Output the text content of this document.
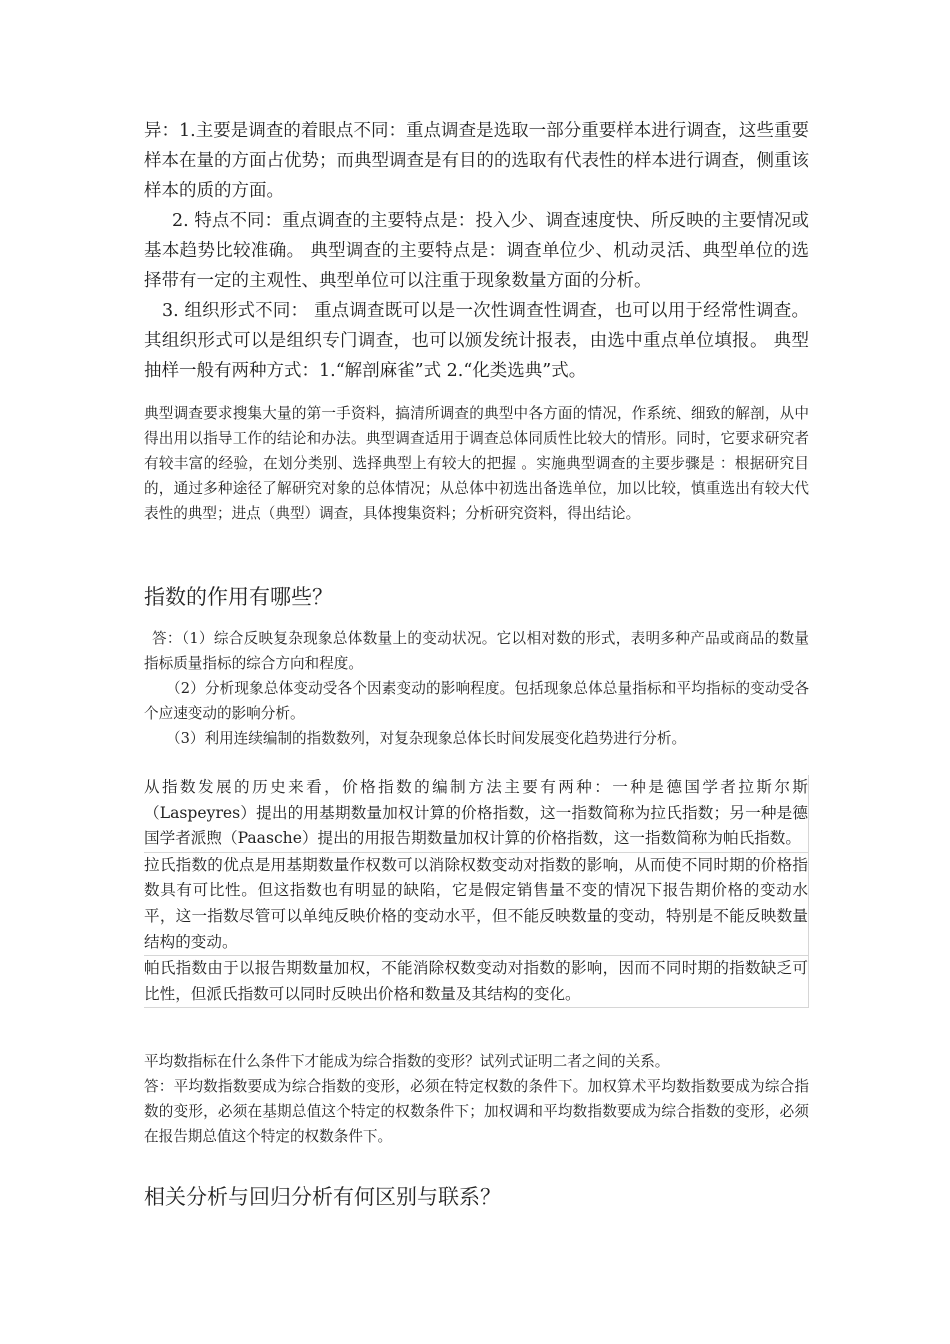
异：1.主要是调查的着眼点不同：重点调查是选取一部分重要样本进行调查，这些重要样本在量的方面占优势；而典型调查是有目的的选取有代表性的样本进行调查，侧重该样本的质的方面。

2. 特点不同：重点调查的主要特点是：投入少、调查速度快、所反映的主要情况或基本趋势比较准确。 典型调查的主要特点是：调查单位少、机动灵活、典型单位的选择带有一定的主观性、典型单位可以注重于现象数量方面的分析。

3. 组织形式不同： 重点调查既可以是一次性调查性调查，也可以用于经常性调查。其组织形式可以是组织专门调查，也可以颁发统计报表，由选中重点单位填报。 典型抽样一般有两种方式：1.“解剖麻雀”式 2.“化类选典”式。

典型调查要求搜集大量的第一手资料，搞清所调查的典型中各方面的情况，作系统、细致的解剖，从中得出用以指导工作的结论和办法。典型调查适用于调查总体同质性比较大的情形。同时，它要求研究者有较丰富的经验，在划分类别、选择典型上有较大的把握 。实施典型调查的主要步骤是 ：根据研究目的，通过多种途径了解研究对象的总体情况；从总体中初选出备选单位，加以比较，慎重选出有较大代表性的典型；进点（典型）调查，具体搜集资料；分析研究资料，得出结论。

指数的作用有哪些？

答：（1）综合反映复杂现象总体数量上的变动状况。它以相对数的形式，表明多种产品或商品的数量指标质量指标的综合方向和程度。

（2）分析现象总体变动受各个因素变动的影响程度。包括现象总体总量指标和平均指标的变动受各个应速变动的影响分析。

（3）利用连续编制的指数数列，对复杂现象总体长时间发展变化趋势进行分析。

从指数发展的历史来看，价格指数的编制方法主要有两种：一种是德国学者拉斯尔斯（Laspeyres）提出的用基期数量加权计算的价格指数，这一指数简称为拉氏指数；另一种是德国学者派煦（Paasche）提出的用报告期数量加权计算的价格指数，这一指数简称为帕氏指数。

拉氏指数的优点是用基期数量作权数可以消除权数变动对指数的影响，从而使不同时期的价格指数具有可比性。但这指数也有明显的缺陷，它是假定销售量不变的情况下报告期价格的变动水平，这一指数尽管可以单纯反映价格的变动水平，但不能反映数量的变动，特别是不能反映数量结构的变动。

帕氏指数由于以报告期数量加权，不能消除权数变动对指数的影响，因而不同时期的指数缺乏可比性，但派氏指数可以同时反映出价格和数量及其结构的变化。

平均数指标在什么条件下才能成为综合指数的变形？试列式证明二者之间的关系。

答：平均数指数要成为综合指数的变形，必须在特定权数的条件下。加权算术平均数指数要成为综合指数的变形，必须在基期总值这个特定的权数条件下；加权调和平均数指数要成为综合指数的变形，必须在报告期总值这个特定的权数条件下。

相关分析与回归分析有何区别与联系？
